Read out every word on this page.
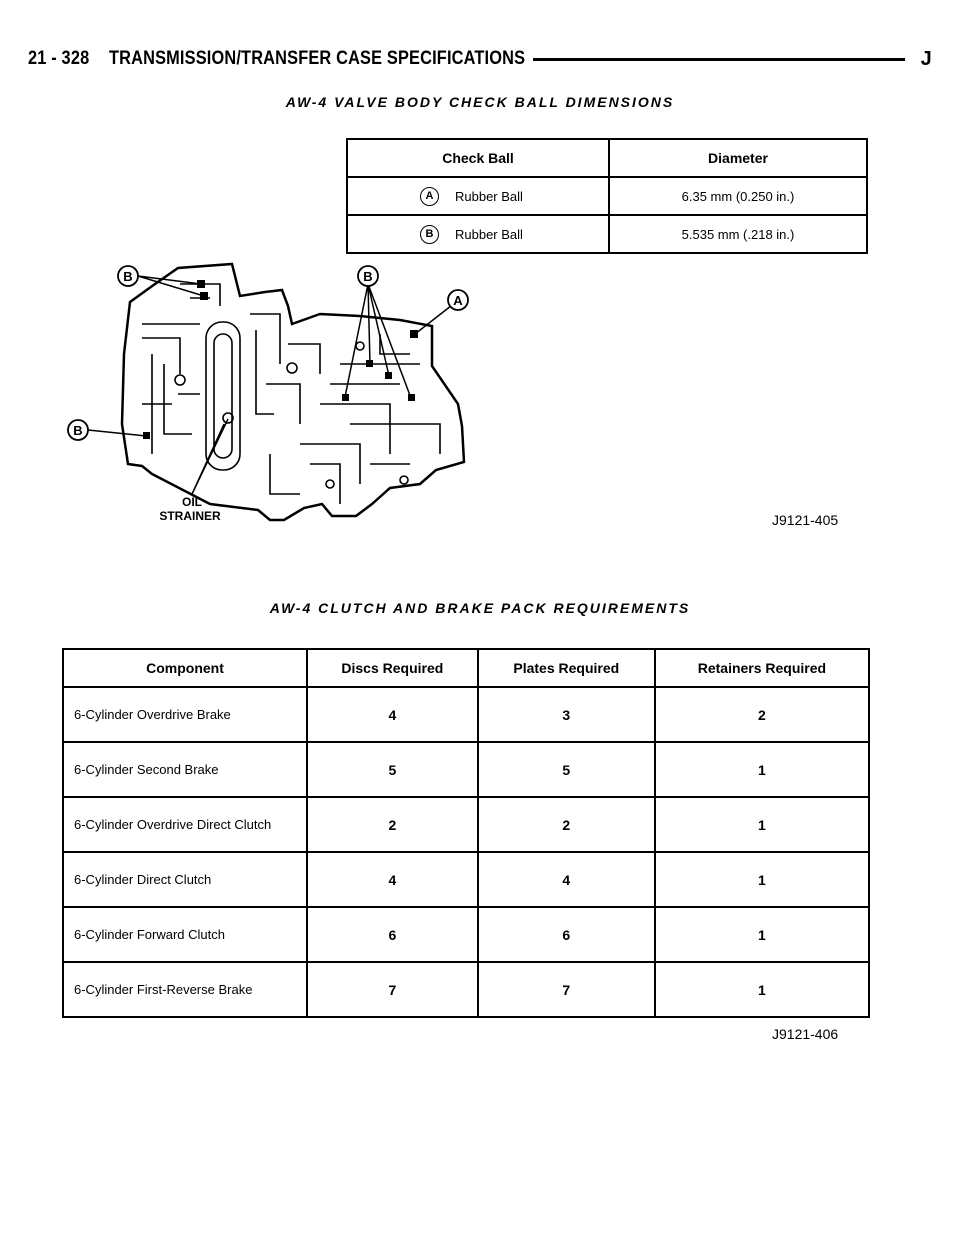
21 - 328 TRANSMISSION/TRANSFER CASE SPECIFICATIONS	J
AW-4 VALVE BODY CHECK BALL DIMENSIONS
Check Ball	Diameter

A Rubber Ball	6.35 mm (0.250 in.)

B Rubber Ball	5.535 mm (.218 in.)
B
B
B
A
OIL
STRAINER	J9121-405
AW-4 CLUTCH AND BRAKE PACK REQUIREMENTS
Component	Discs Required	Plates Required	Retainers Required
6-Cylinder Overdrive Brake	4	3	2
6-Cylinder Second Brake	5	5	1
6-Cylinder Overdrive Direct Clutch	2	2	1
6-Cylinder Direct Clutch	4	4	1
6-Cylinder Forward Clutch	6	6	1
6-Cylinder First-Reverse Brake	7	7	1
J9121-406
